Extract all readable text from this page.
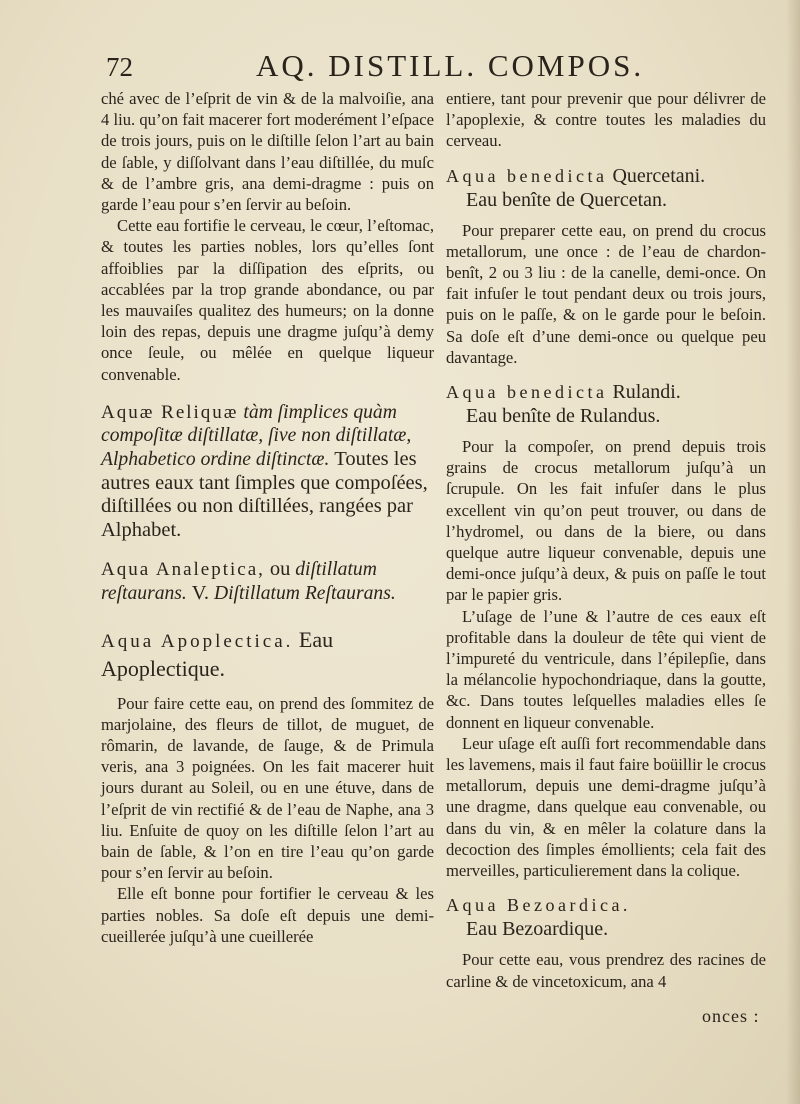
72	AQ. DISTILL. COMPOS.

ché avec de l’eſprit de vin & de la malvoiſie, ana 4 liu. qu’on fait macerer fort moderément l’eſpace de trois jours, puis on le diſtille ſelon l’art au bain de ſable, y diſſolvant dans l’eau diſtillée, du muſc & de l’ambre gris, ana demi-dragme : puis on garde l’eau pour s’en ſervir au beſoin.

Cette eau fortifie le cerveau, le cœur, l’eſtomac, & toutes les parties nobles, lors qu’elles ſont affoiblies par la diſſipation des eſprits, ou accablées par la trop grande abondance, ou par les mauvaiſes qualitez des humeurs; on la donne loin des repas, depuis une dragme juſqu’à demy once ſeule, ou mêlée en quelque liqueur convenable.

Aquæ Reliquæ tàm ſimplices quàm compoſitæ diſtillatæ, ſive non diſtillatæ, Alphabetico ordine diſtinctæ. Toutes les autres eaux tant ſimples que compoſées, diſtillées ou non diſtillées, rangées par Alphabet.
Aqua Analeptica, ou diſtillatum reſtaurans. V. Diſtillatum Reſtaurans.
Aqua Apoplectica. Eau Apoplectique.

Pour faire cette eau, on prend des ſommitez de marjolaine, des fleurs de tillot, de muguet, de rômarin, de lavande, de ſauge, & de Primula veris, ana 3 poignées. On les fait macerer huit jours durant au Soleil, ou en une étuve, dans de l’eſprit de vin rectifié & de l’eau de Naphe, ana 3 liu. Enſuite de quoy on les diſtille ſelon l’art au bain de ſable, & l’on en tire l’eau qu’on garde pour s’en ſervir au beſoin.

Elle eſt bonne pour fortifier le cerveau & les parties nobles. Sa doſe eſt depuis une demi-cueillerée juſqu’à une cueillerée

entiere, tant pour prevenir que pour délivrer de l’apoplexie, & contre toutes les maladies du cerveau.

Aqua benedicta Quercetani.
Eau benîte de Quercetan.

Pour preparer cette eau, on prend du crocus metallorum, une once : de l’eau de chardon-benît, 2 ou 3 liu : de la canelle, demi-once. On fait infuſer le tout pendant deux ou trois jours, puis on le paſſe, & on le garde pour le beſoin. Sa doſe eſt d’une demi-once ou quelque peu davantage.

Aqua benedicta Rulandi.
Eau benîte de Rulandus.

Pour la compoſer, on prend depuis trois grains de crocus metallorum juſqu’à un ſcrupule. On les fait infuſer dans le plus excellent vin qu’on peut trouver, ou dans de l’hydromel, ou dans de la biere, ou dans quelque autre liqueur convenable, depuis une demi-once juſqu’à deux, & puis on paſſe le tout par le papier gris.

L’uſage de l’une & l’autre de ces eaux eſt profitable dans la douleur de tête qui vient de l’impureté du ventricule, dans l’épilepſie, dans la mélancolie hypochondriaque, dans la goutte, &c. Dans toutes leſquelles maladies elles ſe donnent en liqueur convenable.

Leur uſage eſt auſſi fort recommendable dans les lavemens, mais il faut faire boüillir le crocus metallorum, depuis une demi-dragme juſqu’à une dragme, dans quelque eau convenable, ou dans du vin, & en mêler la colature dans la decoction des ſimples émollients; cela fait des merveilles, particulierement dans la colique.

Aqua Bezoardica.
Eau Bezoardique.

Pour cette eau, vous prendrez des racines de carline & de vincetoxicum, ana 4

onces :
